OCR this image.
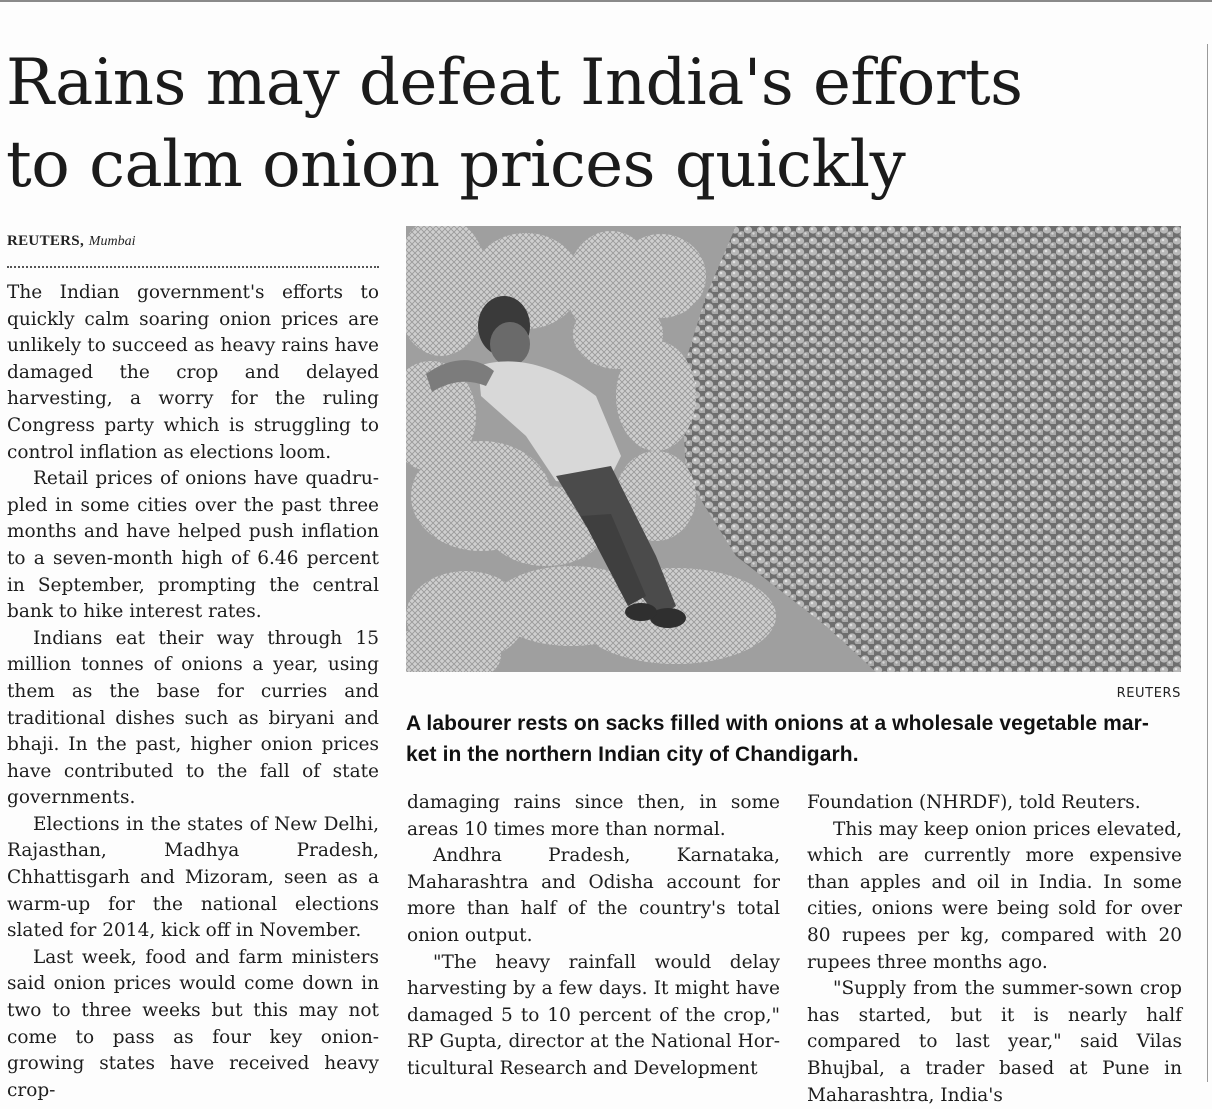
Rains may defeat India's efforts
to calm onion prices quickly
REUTERS, Mumbai

The Indian government's efforts to quickly calm soaring onion prices are unlikely to succeed as heavy rains have damaged the crop and delayed harvesting, a worry for the ruling Congress party which is struggling to control inflation as elections loom.

Retail prices of onions have quadrupled in some cities over the past three months and have helped push inflation to a seven-month high of 6.46 percent in September, prompting the central bank to hike interest rates.

Indians eat their way through 15 million tonnes of onions a year, using them as the base for curries and traditional dishes such as biryani and bhaji. In the past, higher onion prices have contributed to the fall of state governments.

Elections in the states of New Delhi, Rajasthan, Madhya Pradesh, Chhattisgarh and Mizoram, seen as a warm-up for the national elections slated for 2014, kick off in November.

Last week, food and farm ministers said onion prices would come down in two to three weeks but this may not come to pass as four key onion-growing states have received heavy crop-

REUTERS

A labourer rests on sacks filled with onions at a wholesale vegetable mar-
ket in the northern Indian city of Chandigarh.

damaging rains since then, in some areas 10 times more than normal.

Andhra Pradesh, Karnataka, Maharashtra and Odisha account for more than half of the country's total onion output.

"The heavy rainfall would delay harvesting by a few days. It might have damaged 5 to 10 percent of the crop," RP Gupta, director at the National Horticultural Research and Development

Foundation (NHRDF), told Reuters.

This may keep onion prices elevated, which are currently more expensive than apples and oil in India. In some cities, onions were being sold for over 80 rupees per kg, compared with 20 rupees three months ago.

"Supply from the summer-sown crop has started, but it is nearly half compared to last year," said Vilas Bhujbal, a trader based at Pune in Maharashtra, India's
